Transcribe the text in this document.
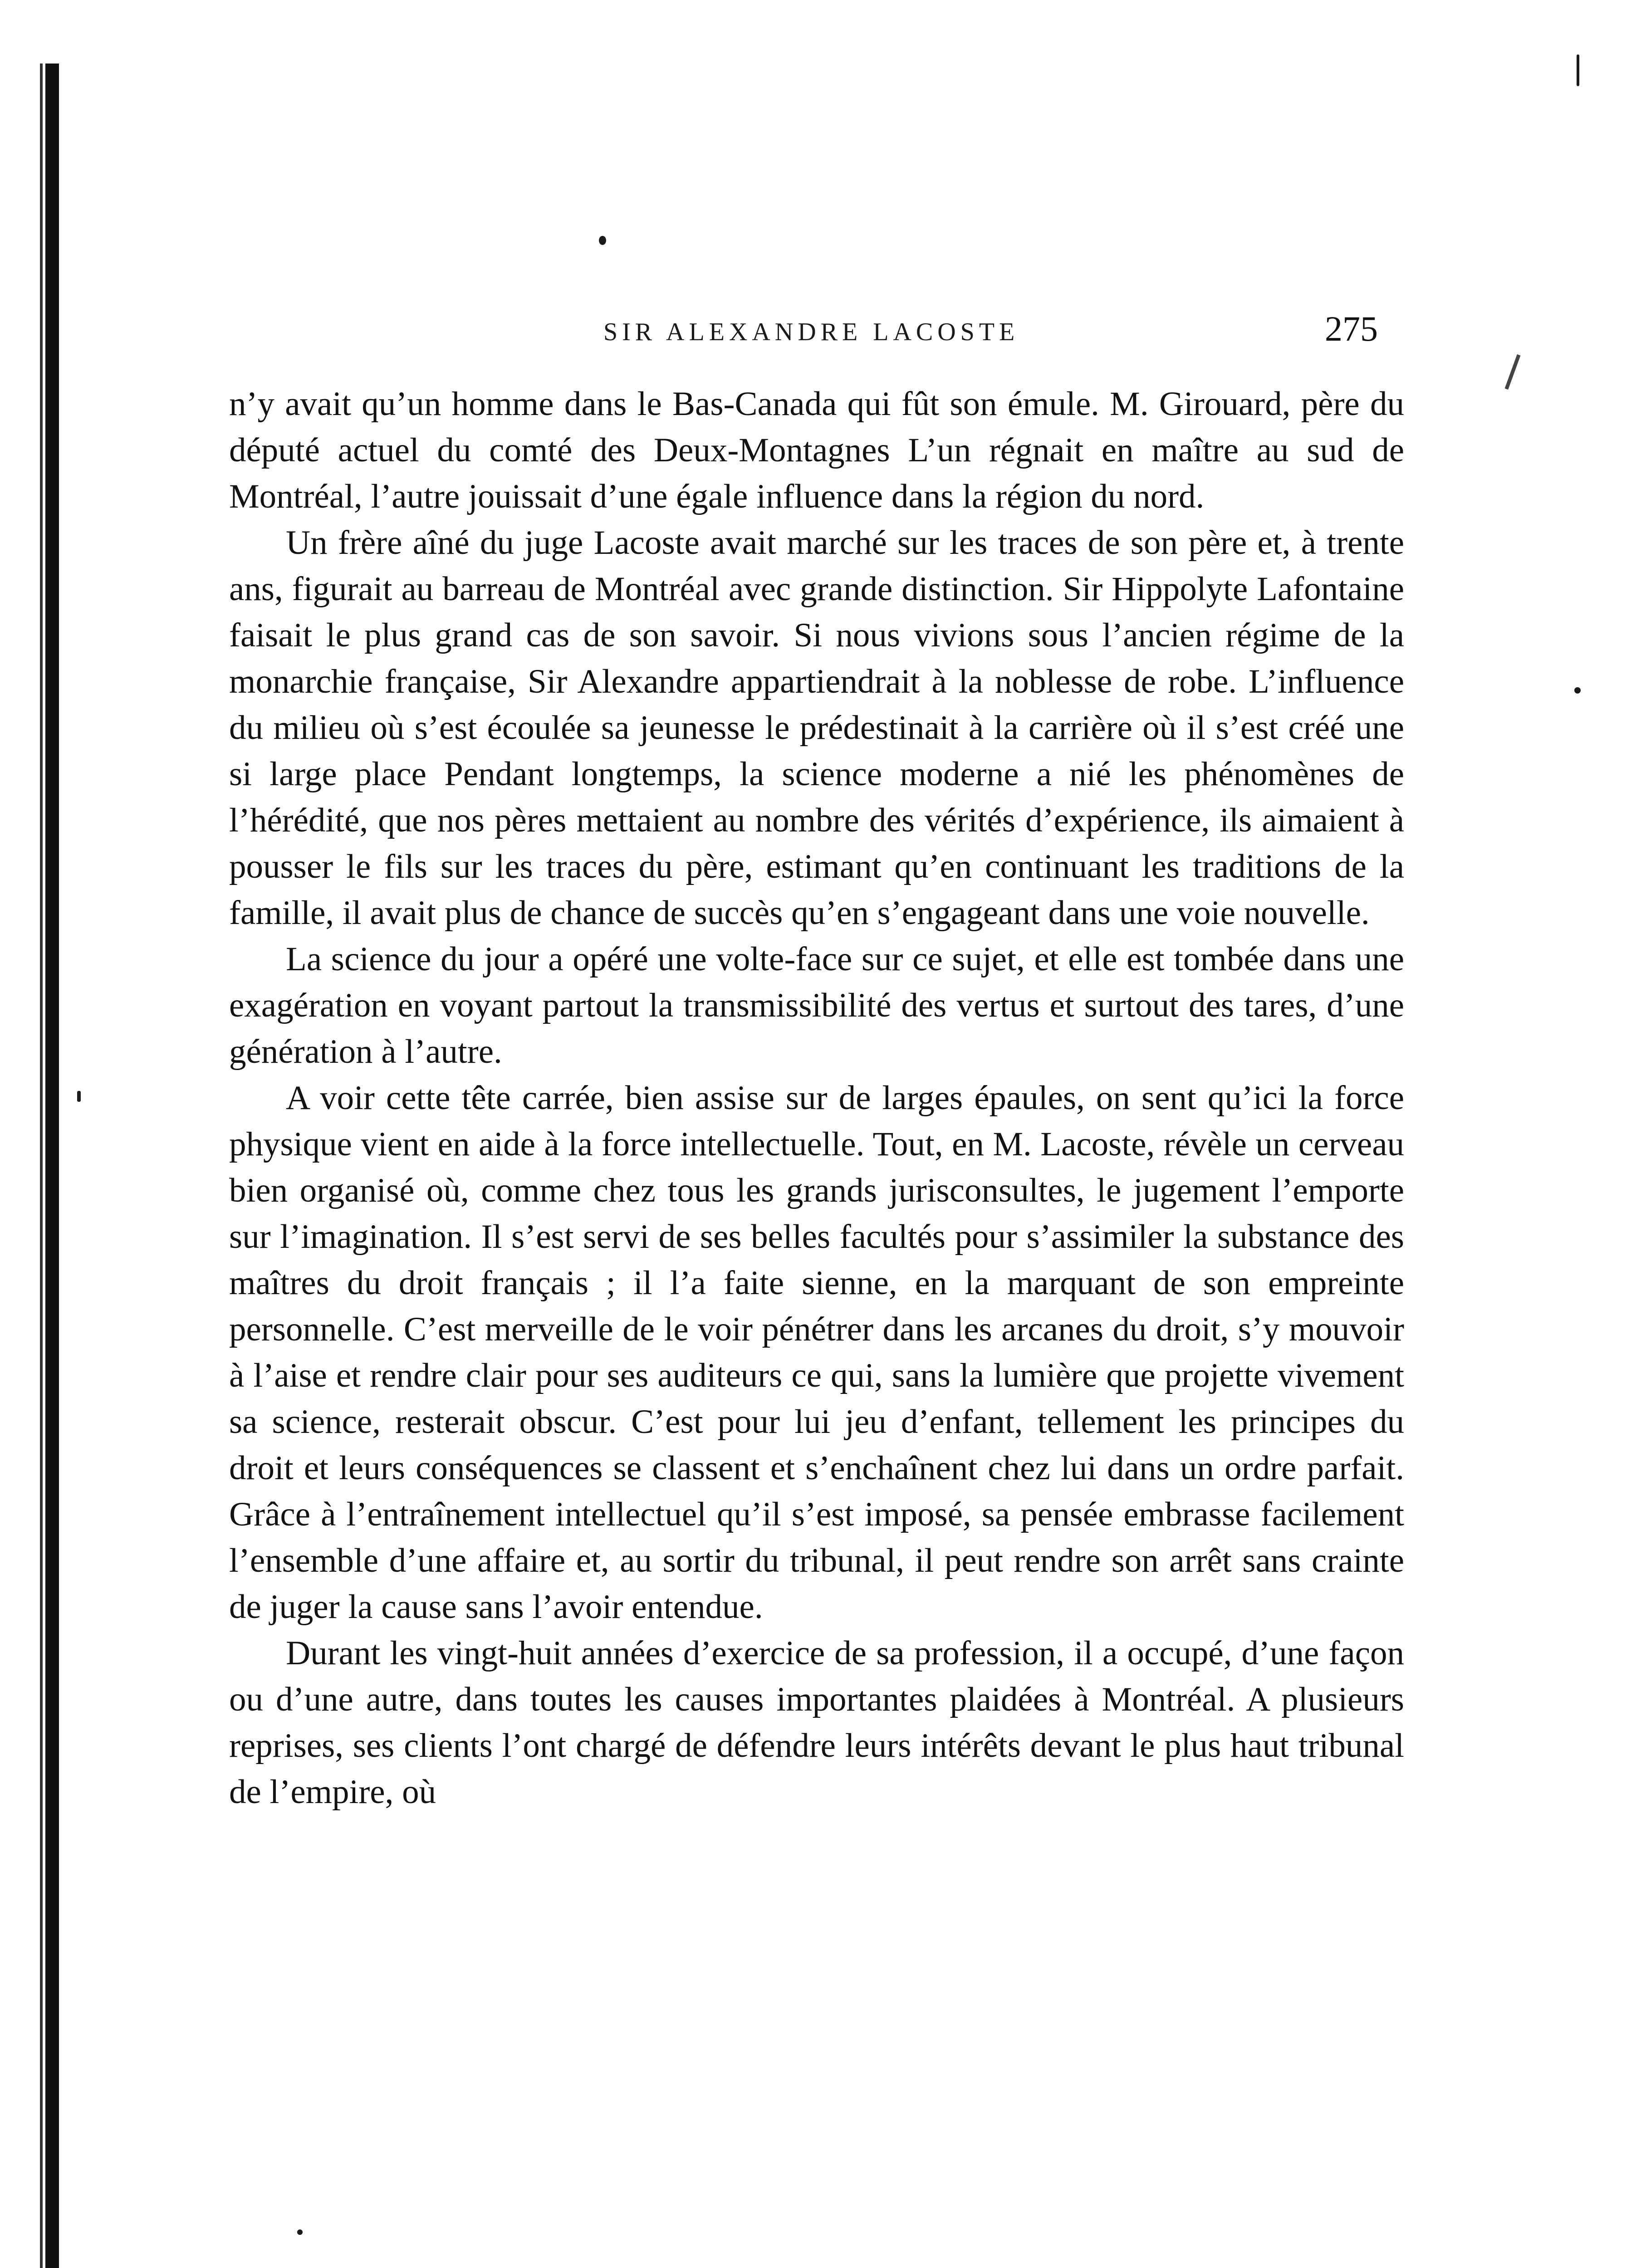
SIR ALEXANDRE LACOSTE	275

n’y avait qu’un homme dans le Bas-Canada qui fût son émule. M. Girouard, père du député actuel du comté des Deux-Montagnes L’un régnait en maître au sud de Montréal, l’autre jouissait d’une égale influence dans la région du nord.

Un frère aîné du juge Lacoste avait marché sur les traces de son père et, à trente ans, figurait au barreau de Montréal avec grande distinction. Sir Hippolyte Lafontaine faisait le plus grand cas de son savoir. Si nous vivions sous l’ancien régime de la monarchie française, Sir Alexandre appartiendrait à la noblesse de robe. L’influence du milieu où s’est écoulée sa jeunesse le prédestinait à la carrière où il s’est créé une si large place Pendant longtemps, la science moderne a nié les phénomènes de l’hérédité, que nos pères mettaient au nombre des vérités d’expérience, ils aimaient à pousser le fils sur les traces du père, estimant qu’en continuant les traditions de la famille, il avait plus de chance de succès qu’en s’engageant dans une voie nouvelle.

La science du jour a opéré une volte-face sur ce sujet, et elle est tombée dans une exagération en voyant partout la transmissibilité des vertus et surtout des tares, d’une génération à l’autre.

A voir cette tête carrée, bien assise sur de larges épaules, on sent qu’ici la force physique vient en aide à la force intellectuelle. Tout, en M. Lacoste, révèle un cerveau bien organisé où, comme chez tous les grands jurisconsultes, le jugement l’emporte sur l’imagination. Il s’est servi de ses belles facultés pour s’assimiler la substance des maîtres du droit français ; il l’a faite sienne, en la marquant de son empreinte personnelle. C’est merveille de le voir pénétrer dans les arcanes du droit, s’y mouvoir à l’aise et rendre clair pour ses auditeurs ce qui, sans la lumière que projette vivement sa science, resterait obscur. C’est pour lui jeu d’enfant, tellement les principes du droit et leurs conséquences se classent et s’enchaînent chez lui dans un ordre parfait. Grâce à l’entraînement intellectuel qu’il s’est imposé, sa pensée embrasse facilement l’ensemble d’une affaire et, au sortir du tribunal, il peut rendre son arrêt sans crainte de juger la cause sans l’avoir entendue.

Durant les vingt-huit années d’exercice de sa profession, il a occupé, d’une façon ou d’une autre, dans toutes les causes importantes plaidées à Montréal. A plusieurs reprises, ses clients l’ont chargé de défendre leurs intérêts devant le plus haut tribunal de l’empire, où
